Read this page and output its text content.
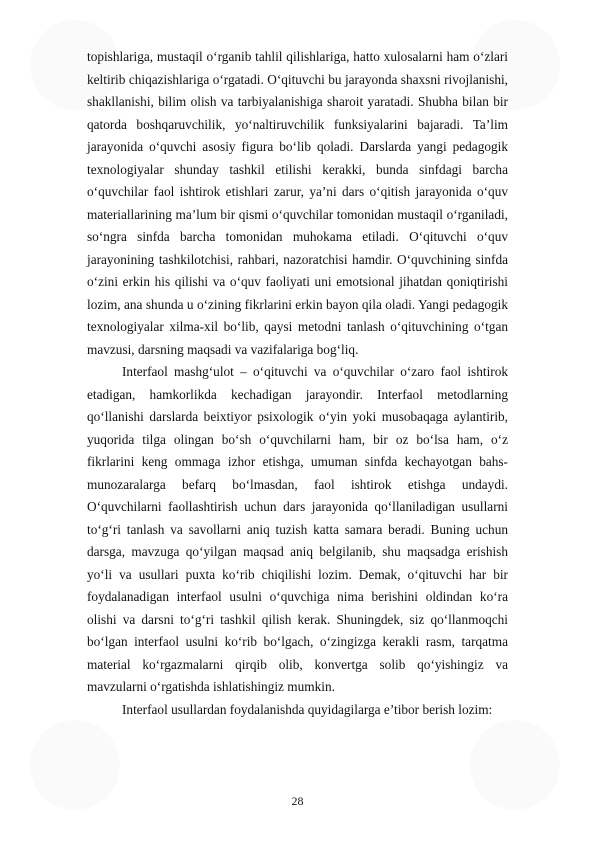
topishlariga, mustaqil o‘rganib tahlil qilishlariga, hatto xulosalarni ham o‘zlari keltirib chiqazishlariga o‘rgatadi. O‘qituvchi bu jarayonda shaxsni rivojlanishi, shakllanishi, bilim olish va tarbiyalanishiga sharoit yaratadi. Shubha bilan bir qatorda boshqaruvchilik, yo‘naltiruvchilik funksiyalarini bajaradi. Ta’lim jarayonida o‘quvchi asosiy figura bo‘lib qoladi. Darslarda yangi pedagogik texnologiyalar shunday tashkil etilishi kerakki, bunda sinfdagi barcha o‘quvchilar faol ishtirok etishlari zarur, ya’ni dars o‘qitish jarayonida o‘quv materiallarining ma’lum bir qismi o‘quvchilar tomonidan mustaqil o‘rganiladi, so‘ngra sinfda barcha tomonidan muhokama etiladi. O‘qituvchi o‘quv jarayonining tashkilotchisi, rahbari, nazoratchisi hamdir. O‘quvchining sinfda o‘zini erkin his qilishi va o‘quv faoliyati uni emotsional jihatdan qoniqtirishi lozim, ana shunda u o‘zining fikrlarini erkin bayon qila oladi. Yangi pedagogik texnologiyalar xilma-xil bo‘lib, qaysi metodni tanlash o‘qituvchining o‘tgan mavzusi, darsning maqsadi va vazifalariga bog‘liq.

Interfaol mashg‘ulot – o‘qituvchi va o‘quvchilar o‘zaro faol ishtirok etadigan, hamkorlikda kechadigan jarayondir. Interfaol metodlarning qo‘llanishi darslarda beixtiyor psixologik o‘yin yoki musobaqaga aylantirib, yuqorida tilga olingan bo‘sh o‘quvchilarni ham, bir oz bo‘lsa ham, o‘z fikrlarini keng ommaga izhor etishga, umuman sinfda kechayotgan bahs-munozaralarga befarq bo‘lmasdan, faol ishtirok etishga undaydi. O‘quvchilarni faollashtirish uchun dars jarayonida qo‘llaniladigan usullarni to‘g‘ri tanlash va savollarni aniq tuzish katta samara beradi. Buning uchun darsga, mavzuga qo‘yilgan maqsad aniq belgilanib, shu maqsadga erishish yo‘li va usullari puxta ko‘rib chiqilishi lozim. Demak, o‘qituvchi har bir foydalanadigan interfaol usulni o‘quvchiga nima berishini oldindan ko‘ra olishi va darsni to‘g‘ri tashkil qilish kerak. Shuningdek, siz qo‘llanmoqchi bo‘lgan interfaol usulni ko‘rib bo‘lgach, o‘zingizga kerakli rasm, tarqatma material ko‘rgazmalarni qirqib olib, konvertga solib qo‘yishingiz va mavzularni o‘rgatishda ishlatishingiz mumkin.

Interfaol usullardan foydalanishda quyidagilarga e’tibor berish lozim:

28
